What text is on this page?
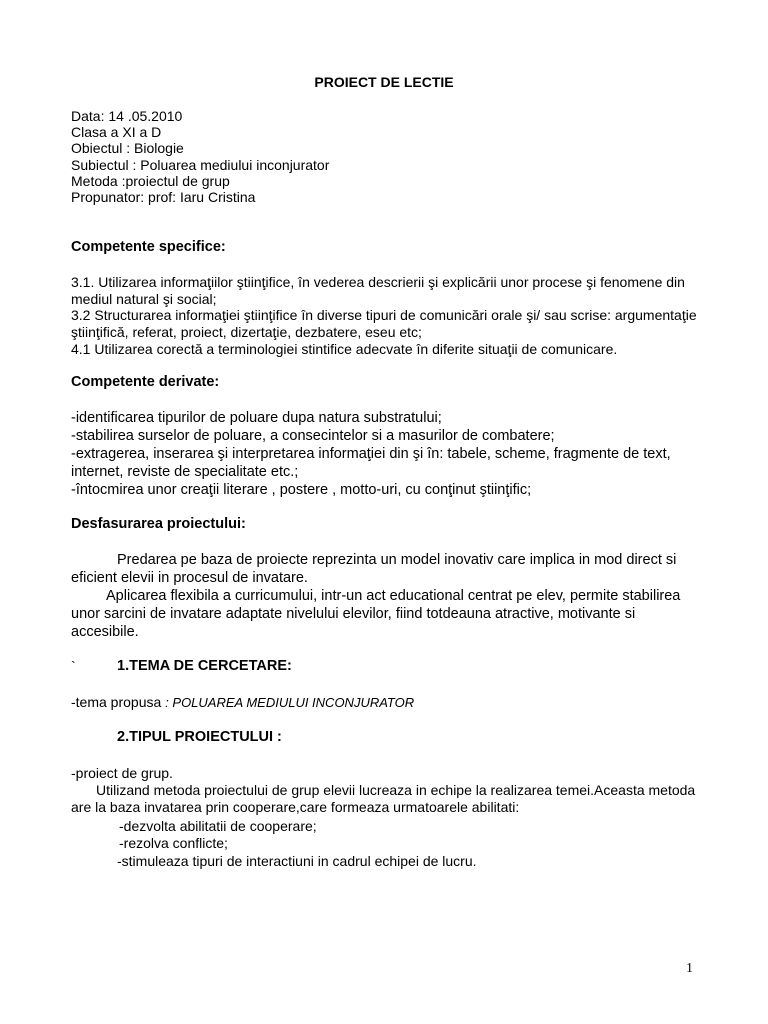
PROIECT DE LECTIE
Data: 14 .05.2010
Clasa a XI a D
Obiectul : Biologie
Subiectul : Poluarea mediului inconjurator
Metoda :proiectul de grup
Propunator: prof: Iaru Cristina
Competente specifice:
3.1. Utilizarea informaţiilor ştiinţifice, în vederea descrierii şi explicării unor procese şi fenomene din mediul natural şi social;
3.2 Structurarea informaţiei ştiinţifice în diverse tipuri de comunicări orale şi/ sau scrise: argumentaţie ştiinţifică, referat, proiect, dizertaţie, dezbatere, eseu etc;
4.1 Utilizarea corectă a terminologiei stintifice adecvate în diferite situaţii de comunicare.
Competente derivate:
-identificarea tipurilor de poluare dupa natura substratului;
-stabilirea surselor de poluare, a consecintelor si a masurilor de combatere;
-extragerea, inserarea şi interpretarea informaţiei din şi în: tabele, scheme, fragmente de text, internet, reviste de specialitate etc.;
-întocmirea unor creaţii literare , postere , motto-uri, cu conţinut ştiinţific;
Desfasurarea proiectului:
Predarea pe baza de proiecte reprezinta un model inovativ care implica in mod direct si eficient elevii in procesul de invatare.
Aplicarea flexibila a curricumului, intr-un act educational centrat pe elev, permite stabilirea unor sarcini de invatare adaptate nivelului elevilor, fiind totdeauna atractive, motivante si accesibile.
`	1.TEMA DE CERCETARE:
-tema propusa : POLUAREA MEDIULUI INCONJURATOR
2.TIPUL PROIECTULUI :
-proiect de grup.
Utilizand metoda proiectului de grup elevii lucreaza in echipe la realizarea temei.Aceasta metoda are la baza invatarea prin cooperare,care formeaza urmatoarele abilitati:
-dezvolta abilitatii de cooperare;
-rezolva conflicte;
-stimuleaza tipuri de interactiuni in cadrul echipei de lucru.
1
